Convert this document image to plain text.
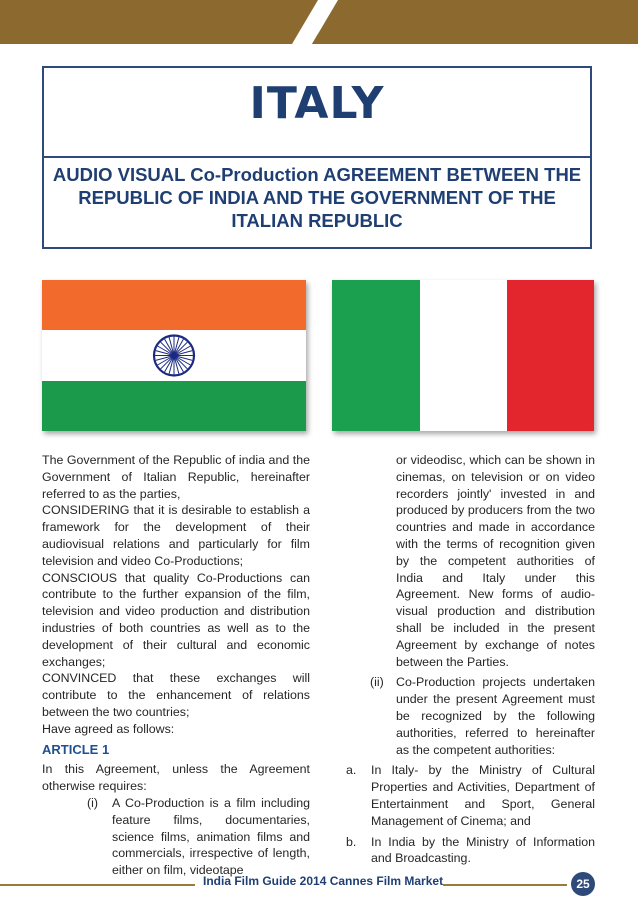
ITALY
AUDIO VISUAL Co-Production AGREEMENT BETWEEN THE REPUBLIC OF INDIA AND THE GOVERNMENT OF THE ITALIAN REPUBLIC

The Government of the Republic of india and the Government of Italian Republic, hereinafter referred to as the parties,

CONSIDERING that it is desirable to establish a framework for the development of their audiovisual relations and particularly for film television and video Co-Productions;

CONSCIOUS that quality Co-Productions can contribute to the further expansion of the film, television and video production and distribution industries of both countries as well as to the development of their cultural and economic exchanges;

CONVINCED that these exchanges will contribute to the enhancement of relations between the two countries;

Have agreed as follows:

ARTICLE 1

In this Agreement, unless the Agreement otherwise requires:

(i) A Co-Production is a film including feature films, documentaries, science films, animation films and commercials, irrespective of length, either on film, videotape
or videodisc, which can be shown in cinemas, on television or on video recorders jointly' invested in and produced by producers from the two countries and made in accordance with the terms of recognition given by the competent authorities of India and Italy under this Agreement. New forms of audio-visual production and distribution shall be included in the present Agreement by exchange of notes between the Parties.
(ii) Co-Production projects undertaken under the present Agreement must be recognized by the following authorities, referred to hereinafter as the competent authorities:
a. In Italy- by the Ministry of Cultural Properties and Activities, Department of Entertainment and Sport, General Management of Cinema; and
b. In India by the Ministry of Information and Broadcasting.
India Film Guide 2014 Cannes Film Market	25
